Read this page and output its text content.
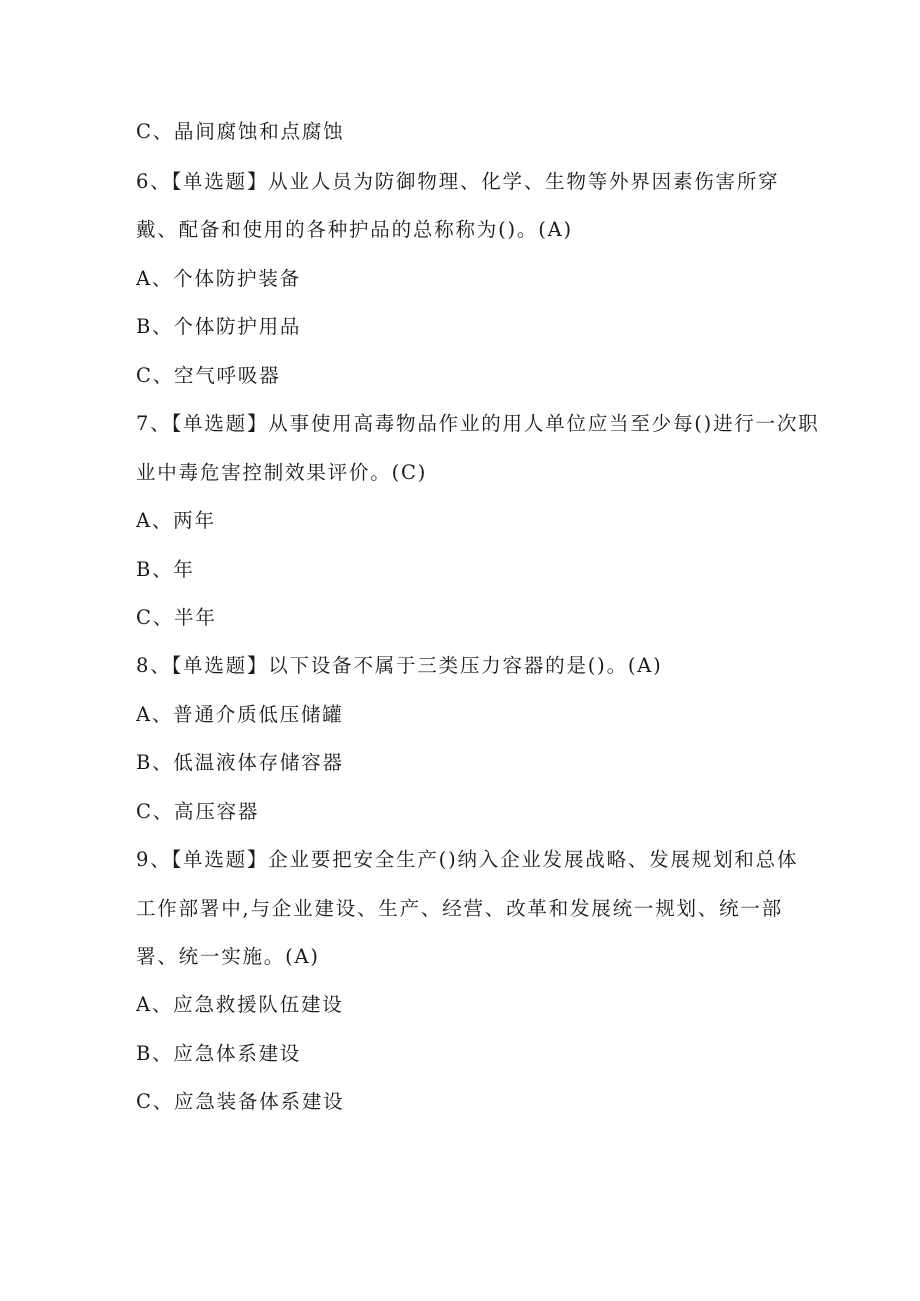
C、晶间腐蚀和点腐蚀
6、【单选题】从业人员为防御物理、化学、生物等外界因素伤害所穿
戴、配备和使用的各种护品的总称称为()。(A)
A、个体防护装备
B、个体防护用品
C、空气呼吸器
7、【单选题】从事使用高毒物品作业的用人单位应当至少每()进行一次职
业中毒危害控制效果评价。(C)
A、两年
B、年
C、半年
8、【单选题】以下设备不属于三类压力容器的是()。(A)
A、普通介质低压储罐
B、低温液体存储容器
C、高压容器
9、【单选题】企业要把安全生产()纳入企业发展战略、发展规划和总体
工作部署中,与企业建设、生产、经营、改革和发展统一规划、统一部
署、统一实施。(A)
A、应急救援队伍建设
B、应急体系建设
C、应急装备体系建设
